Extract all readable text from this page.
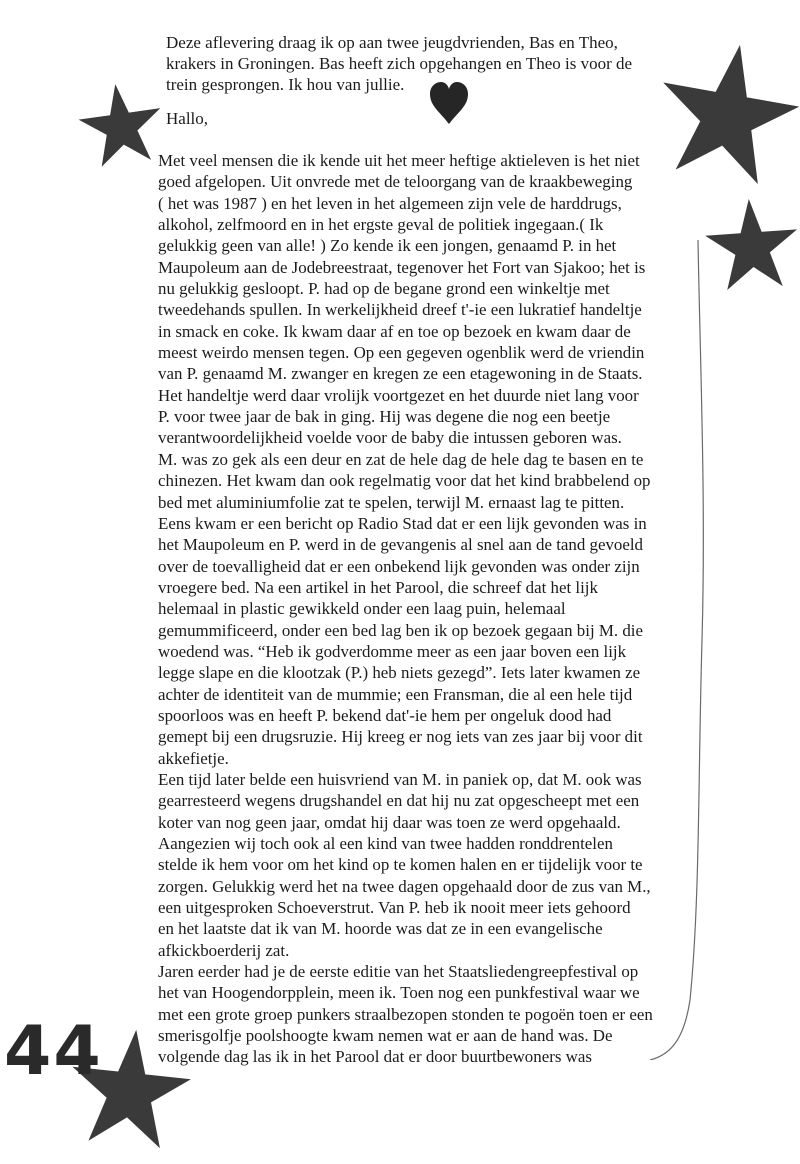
Deze aflevering draag ik op aan twee jeugdvrienden, Bas en Theo,

krakers in Groningen. Bas heeft zich opgehangen en Theo is voor de

trein gesprongen. Ik hou van jullie.

Hallo,

Met veel mensen die ik kende uit het meer heftige aktieleven is het niet

goed afgelopen. Uit onvrede met de teloorgang van de kraakbeweging

( het was 1987 ) en het leven in het algemeen zijn vele de harddrugs,

alkohol, zelfmoord en in het ergste geval de politiek ingegaan.( Ik

gelukkig geen van alle! ) Zo kende ik een jongen, genaamd P. in het

Maupoleum aan de Jodebreestraat, tegenover het Fort van Sjakoo; het is

nu gelukkig gesloopt. P. had op de begane grond een winkeltje met

tweedehands spullen. In werkelijkheid dreef t'-ie een lukratief handeltje

in smack en coke. Ik kwam daar af en toe op bezoek en kwam daar de

meest weirdo mensen tegen. Op een gegeven ogenblik werd de vriendin

van P. genaamd M. zwanger en kregen ze een etagewoning in de Staats.

Het handeltje werd daar vrolijk voortgezet en het duurde niet lang voor

P. voor twee jaar de bak in ging. Hij was degene die nog een beetje

verantwoordelijkheid voelde voor de baby die intussen geboren was.

M. was zo gek als een deur en zat de hele dag de hele dag te basen en te

chinezen. Het kwam dan ook regelmatig voor dat het kind brabbelend op

bed met aluminiumfolie zat te spelen, terwijl M. ernaast lag te pitten.

Eens kwam er een bericht op Radio Stad dat er een lijk gevonden was in

het Maupoleum en P. werd in de gevangenis al snel aan de tand gevoeld

over de toevalligheid dat er een onbekend lijk gevonden was onder zijn

vroegere bed. Na een artikel in het Parool, die schreef dat het lijk

helemaal in plastic gewikkeld onder een laag puin, helemaal

gemummificeerd, onder een bed lag ben ik op bezoek gegaan bij M. die

woedend was. “Heb ik godverdomme meer as een jaar boven een lijk

legge slape en die klootzak (P.) heb niets gezegd”. Iets later kwamen ze

achter de identiteit van de mummie; een Fransman, die al een hele tijd

spoorloos was en heeft P. bekend dat'-ie hem per ongeluk dood had

gemept bij een drugsruzie. Hij kreeg er nog iets van zes jaar bij voor dit

akkefietje.

Een tijd later belde een huisvriend van M. in paniek op, dat M. ook was

gearresteerd wegens drugshandel en dat hij nu zat opgescheept met een

koter van nog geen jaar, omdat hij daar was toen ze werd opgehaald.

Aangezien wij toch ook al een kind van twee hadden ronddrentelen

stelde ik hem voor om het kind op te komen halen en er tijdelijk voor te

zorgen. Gelukkig werd het na twee dagen opgehaald door de zus van M.,

een uitgesproken Schoeverstrut. Van P. heb ik nooit meer iets gehoord

en het laatste dat ik van M. hoorde was dat ze in een evangelische

afkickboerderij zat.

Jaren eerder had je de eerste editie van het Staatsliedengreepfestival op

het van Hoogendorpplein, meen ik. Toen nog een punkfestival waar we

met een grote groep punkers straalbezopen stonden te pogoën toen er een

smerisgolfje poolshoogte kwam nemen wat er aan de hand was. De

volgende dag las ik in het Parool dat er door buurtbewoners was

44
